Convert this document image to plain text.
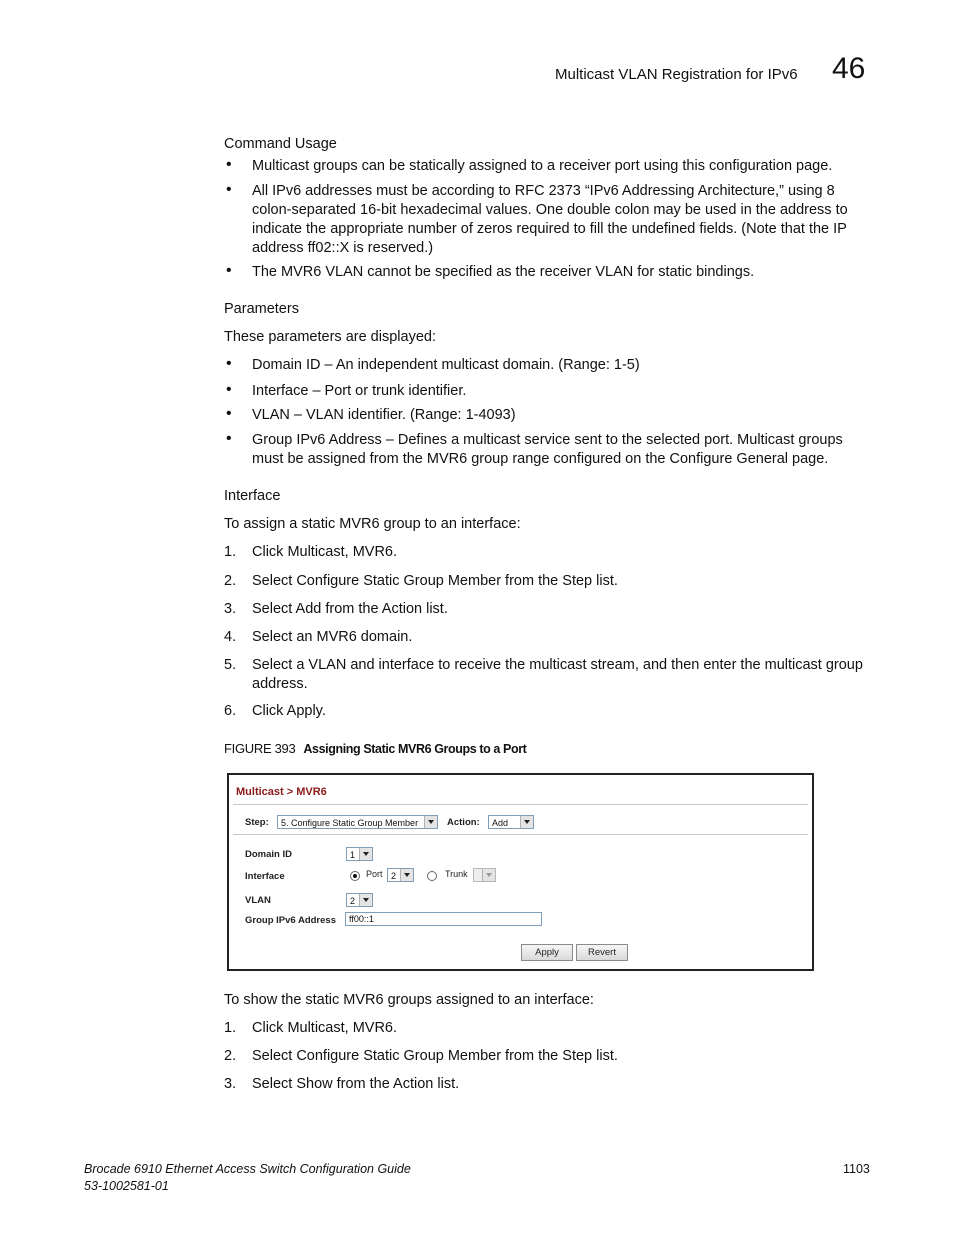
Multicast VLAN Registration for IPv6 46
Command Usage
• Multicast groups can be statically assigned to a receiver port using this configuration page.
• All IPv6 addresses must be according to RFC 2373 “IPv6 Addressing Architecture,” using 8 colon-separated 16-bit hexadecimal values. One double colon may be used in the address to indicate the appropriate number of zeros required to fill the undefined fields. (Note that the IP address ff02::X is reserved.)
• The MVR6 VLAN cannot be specified as the receiver VLAN for static bindings.
Parameters
These parameters are displayed:
• Domain ID – An independent multicast domain. (Range: 1-5)
• Interface – Port or trunk identifier.
• VLAN – VLAN identifier. (Range: 1-4093)
• Group IPv6 Address – Defines a multicast service sent to the selected port. Multicast groups must be assigned from the MVR6 group range configured on the Configure General page.
Interface
To assign a static MVR6 group to an interface:
1. Click Multicast, MVR6.
2. Select Configure Static Group Member from the Step list.
3. Select Add from the Action list.
4. Select an MVR6 domain.
5. Select a VLAN and interface to receive the multicast stream, and then enter the multicast group address.
6. Click Apply.
FIGURE 393 Assigning Static MVR6 Groups to a Port
Multicast > MVR6
Step:	5. Configure Static Group Member	Action:	Add
Domain ID	1
Interface	Port 2	Trunk
VLAN	2
Group IPv6 Address	ff00::1
Apply	Revert
To show the static MVR6 groups assigned to an interface:
1. Click Multicast, MVR6.
2. Select Configure Static Group Member from the Step list.
3. Select Show from the Action list.
Brocade 6910 Ethernet Access Switch Configuration Guide
53-1002581-01
1103
